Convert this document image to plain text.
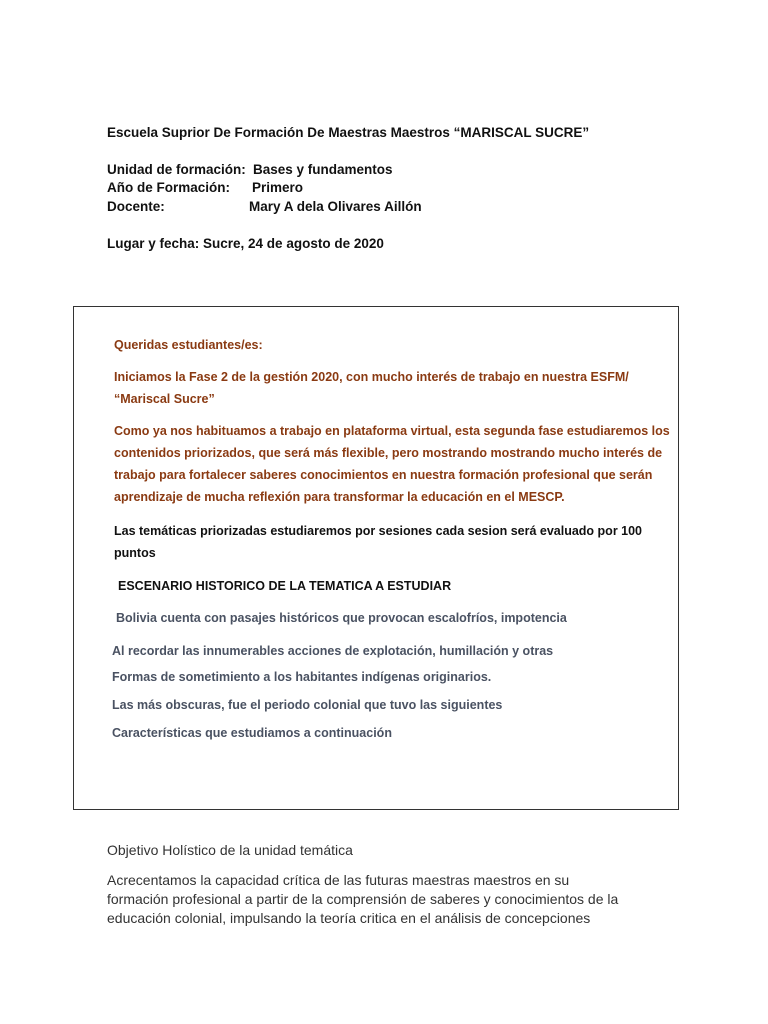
Escuela Suprior De Formación De Maestras Maestros “MARISCAL SUCRE”
Unidad de formación: Bases y fundamentos
Año de Formación: Primero
Docente:	Mary A dela Olivares Aillón
Lugar y fecha: Sucre, 24 de agosto de 2020
Queridas estudiantes/es:
Iniciamos la Fase 2 de la gestión 2020, con mucho interés de trabajo en nuestra ESFM/
“Mariscal Sucre”
Como ya nos habituamos a trabajo en plataforma virtual, esta segunda fase estudiaremos los
contenidos priorizados, que será más flexible, pero mostrando mostrando mucho interés de
trabajo para fortalecer saberes conocimientos en nuestra formación profesional que serán
aprendizaje de mucha reflexión para transformar la educación en el MESCP.
Las temáticas priorizadas estudiaremos por sesiones cada sesion será evaluado por 100
puntos
ESCENARIO HISTORICO DE LA TEMATICA A ESTUDIAR
Bolivia cuenta con pasajes históricos que provocan escalofríos, impotencia
Al recordar las innumerables acciones de explotación, humillación y otras
Formas de sometimiento a los habitantes indígenas originarios.
Las más obscuras, fue el periodo colonial que tuvo las siguientes
Características que estudiamos a continuación
Objetivo Holístico de la unidad temática
Acrecentamos la capacidad crítica de las futuras maestras maestros en su
formación profesional a partir de la comprensión de saberes y conocimientos de la
educación colonial, impulsando la teoría critica en el análisis de concepciones
